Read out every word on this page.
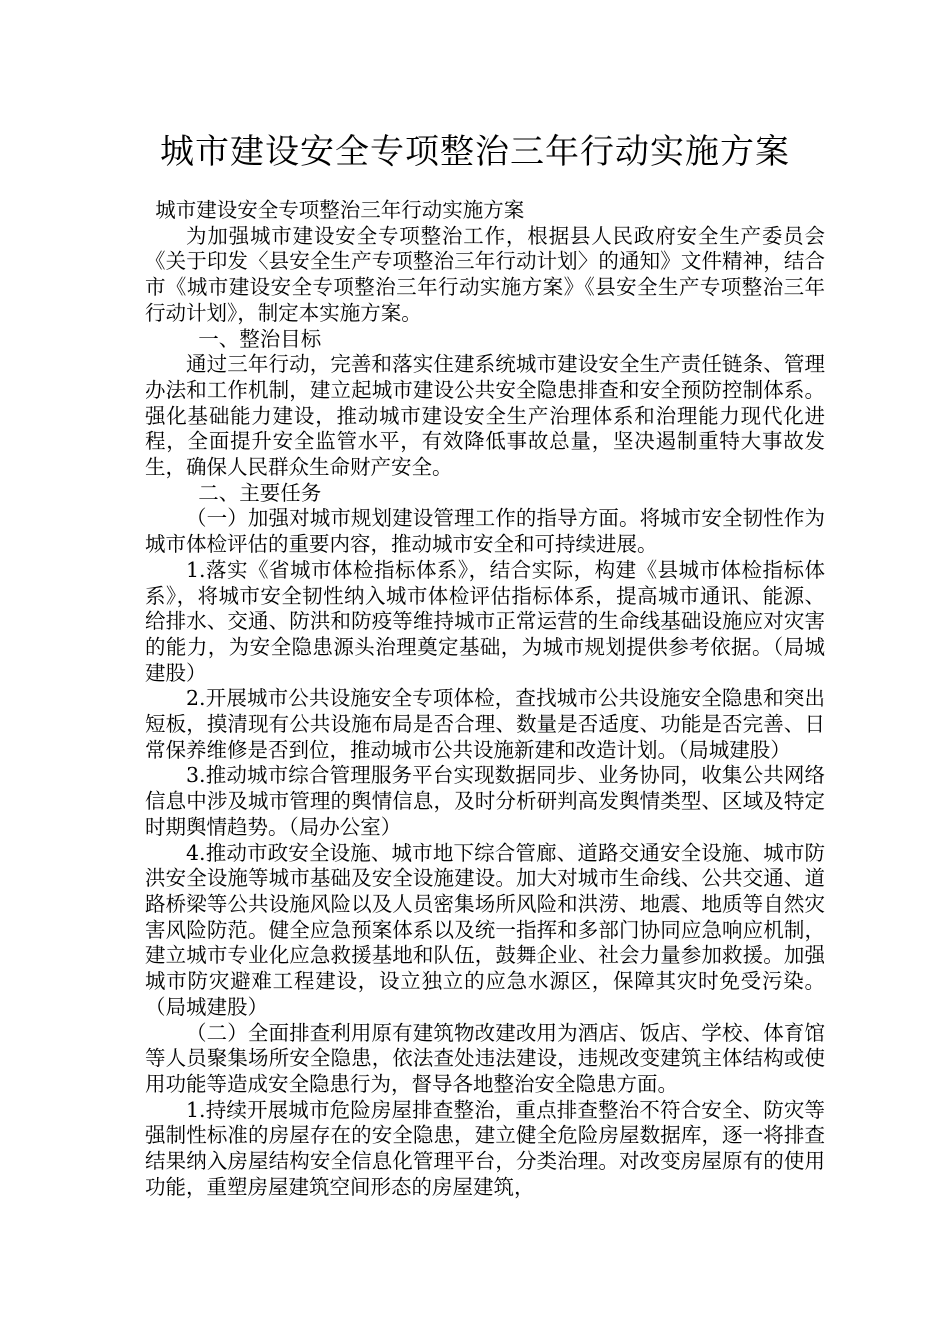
城市建设安全专项整治三年行动实施方案

城市建设安全专项整治三年行动实施方案

为加强城市建设安全专项整治工作，根据县人民政府安全生产委员会《关于印发〈县安全生产专项整治三年行动计划〉的通知》文件精神，结合市《城市建设安全专项整治三年行动实施方案》《县安全生产专项整治三年行动计划》，制定本实施方案。

一、整治目标

通过三年行动，完善和落实住建系统城市建设安全生产责任链条、管理办法和工作机制，建立起城市建设公共安全隐患排查和安全预防控制体系。强化基础能力建设，推动城市建设安全生产治理体系和治理能力现代化进程，全面提升安全监管水平，有效降低事故总量，坚决遏制重特大事故发生，确保人民群众生命财产安全。

二、主要任务

（一）加强对城市规划建设管理工作的指导方面。将城市安全韧性作为城市体检评估的重要内容，推动城市安全和可持续进展。

1.落实《省城市体检指标体系》，结合实际，构建《县城市体检指标体系》，将城市安全韧性纳入城市体检评估指标体系，提高城市通讯、能源、给排水、交通、防洪和防疫等维持城市正常运营的生命线基础设施应对灾害的能力，为安全隐患源头治理奠定基础，为城市规划提供参考依据。（局城建股）

2.开展城市公共设施安全专项体检，查找城市公共设施安全隐患和突出短板，摸清现有公共设施布局是否合理、数量是否适度、功能是否完善、日常保养维修是否到位，推动城市公共设施新建和改造计划。（局城建股）

3.推动城市综合管理服务平台实现数据同步、业务协同，收集公共网络信息中涉及城市管理的舆情信息，及时分析研判高发舆情类型、区域及特定时期舆情趋势。（局办公室）

4.推动市政安全设施、城市地下综合管廊、道路交通安全设施、城市防洪安全设施等城市基础及安全设施建设。加大对城市生命线、公共交通、道路桥梁等公共设施风险以及人员密集场所风险和洪涝、地震、地质等自然灾害风险防范。健全应急预案体系以及统一指挥和多部门协同应急响应机制，建立城市专业化应急救援基地和队伍，鼓舞企业、社会力量参加救援。加强城市防灾避难工程建设，设立独立的应急水源区，保障其灾时免受污染。（局城建股）

（二）全面排查利用原有建筑物改建改用为酒店、饭店、学校、体育馆等人员聚集场所安全隐患，依法查处违法建设，违规改变建筑主体结构或使用功能等造成安全隐患行为，督导各地整治安全隐患方面。

1.持续开展城市危险房屋排查整治，重点排查整治不符合安全、防灾等强制性标准的房屋存在的安全隐患，建立健全危险房屋数据库，逐一将排查结果纳入房屋结构安全信息化管理平台，分类治理。对改变房屋原有的使用功能，重塑房屋建筑空间形态的房屋建筑，
